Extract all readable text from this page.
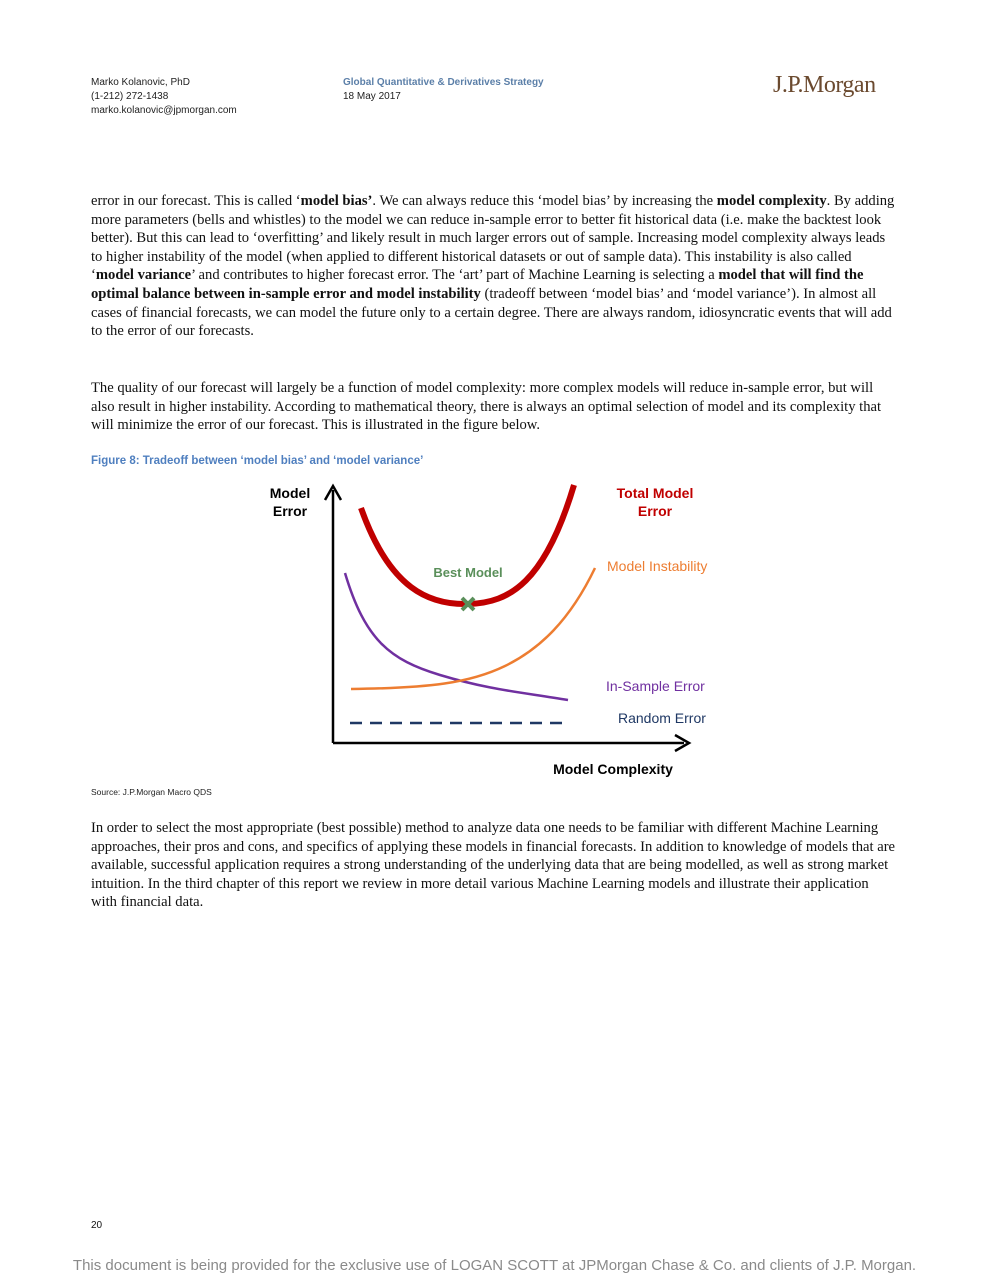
Marko Kolanovic, PhD
(1-212) 272-1438
marko.kolanovic@jpmorgan.com
Global Quantitative & Derivatives Strategy
18 May 2017	J.P.Morgan
error in our forecast. This is called ‘model bias’. We can always reduce this ‘model bias’ by increasing the model complexity. By adding more parameters (bells and whistles) to the model we can reduce in-sample error to better fit historical data (i.e. make the backtest look better). But this can lead to ‘overfitting’ and likely result in much larger errors out of sample. Increasing model complexity always leads to higher instability of the model (when applied to different historical datasets or out of sample data). This instability is also called ‘model variance’ and contributes to higher forecast error. The ‘art’ part of Machine Learning is selecting a model that will find the optimal balance between in-sample error and model instability (tradeoff between ‘model bias’ and ‘model variance’). In almost all cases of financial forecasts, we can model the future only to a certain degree. There are always random, idiosyncratic events that will add to the error of our forecasts.
The quality of our forecast will largely be a function of model complexity: more complex models will reduce in-sample error, but will also result in higher instability. According to mathematical theory, there is always an optimal selection of model and its complexity that will minimize the error of our forecast. This is illustrated in the figure below.
Figure 8: Tradeoff between ‘model bias’ and ‘model variance’
Best Model
Model
Error
Model Complexity
Total Model
Error
Model Instability
In-Sample Error
Random Error
Source: J.P.Morgan Macro QDS
In order to select the most appropriate (best possible) method to analyze data one needs to be familiar with different Machine Learning approaches, their pros and cons, and specifics of applying these models in financial forecasts. In addition to knowledge of models that are available, successful application requires a strong understanding of the underlying data that are being modelled, as well as strong market intuition. In the third chapter of this report we review in more detail various Machine Learning models and illustrate their application with financial data.
20
This document is being provided for the exclusive use of LOGAN SCOTT at JPMorgan Chase & Co. and clients of J.P. Morgan.
